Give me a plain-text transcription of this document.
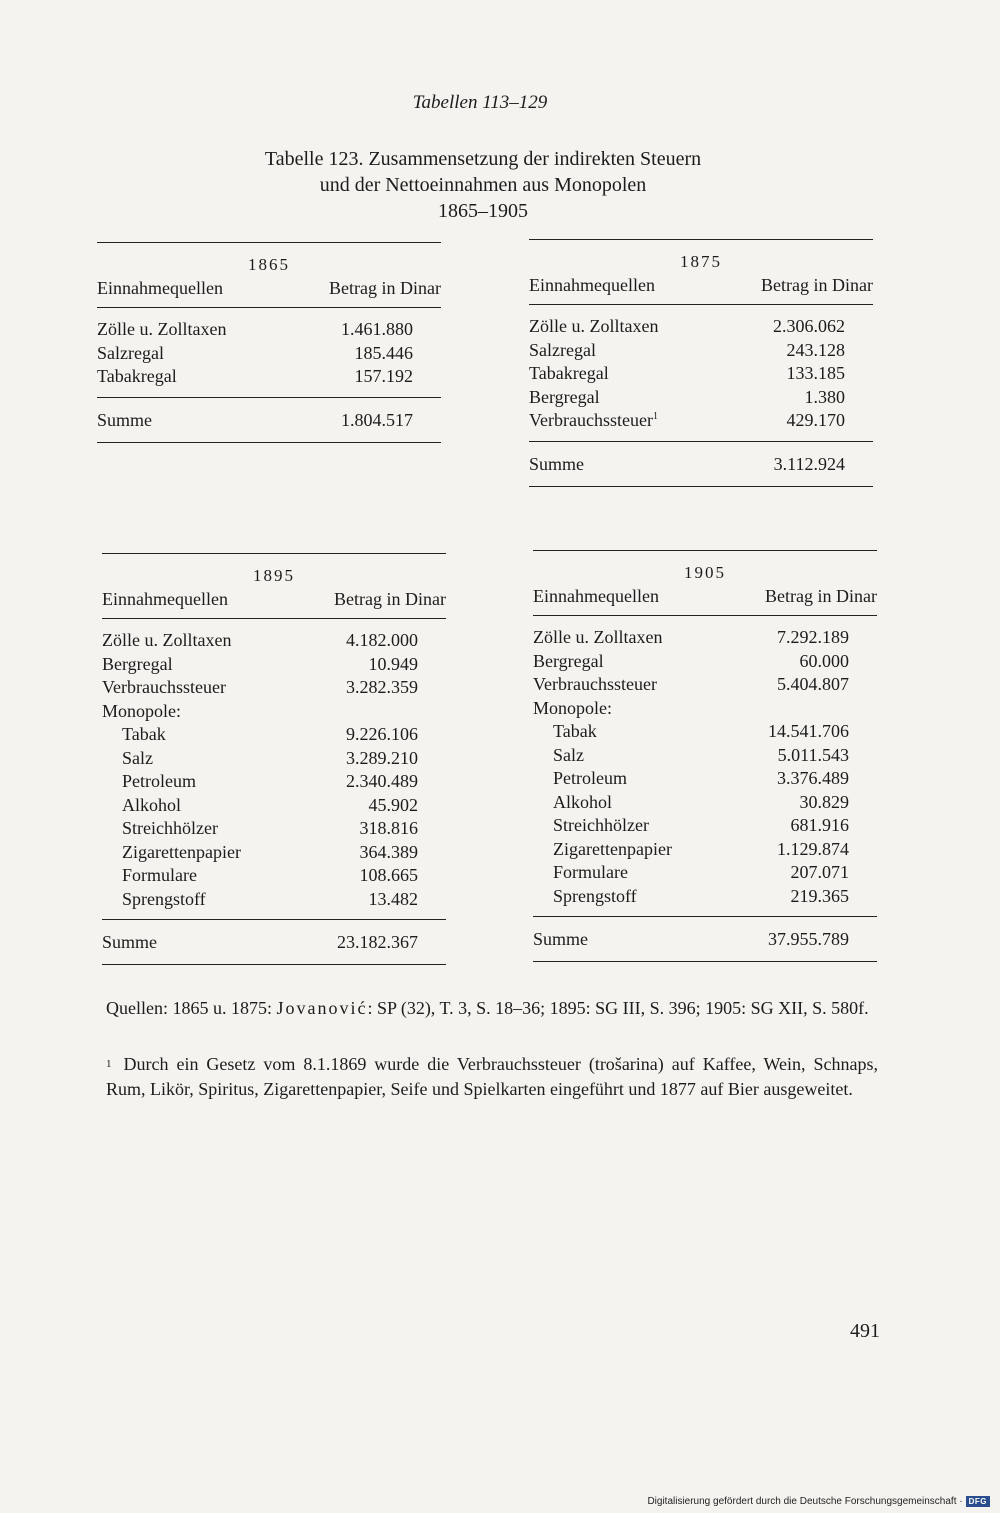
Tabellen 113–129
Tabelle 123. Zusammensetzung der indirekten Steuern
und der Nettoeinnahmen aus Monopolen
1865–1905
1865
Einnahmequellen	Betrag in Dinar
Zölle u. Zolltaxen	1.461.880
Salzregal	185.446
Tabakregal	157.192
Summe	1.804.517
1875
Einnahmequellen	Betrag in Dinar
Zölle u. Zolltaxen	2.306.062
Salzregal	243.128
Tabakregal	133.185
Bergregal	1.380
Verbrauchssteuer$^1$	429.170
Summe	3.112.924
1895
Einnahmequellen	Betrag in Dinar
Zölle u. Zolltaxen	4.182.000
Bergregal	10.949
Verbrauchssteuer	3.282.359
Monopole:
Tabak	9.226.106
Salz	3.289.210
Petroleum	2.340.489
Alkohol	45.902
Streichhölzer	318.816
Zigarettenpapier	364.389
Formulare	108.665
Sprengstoff	13.482
Summe	23.182.367
1905
Einnahmequellen	Betrag in Dinar
Zölle u. Zolltaxen	7.292.189
Bergregal	60.000
Verbrauchssteuer	5.404.807
Monopole:
Tabak	14.541.706
Salz	5.011.543
Petroleum	3.376.489
Alkohol	30.829
Streichhölzer	681.916
Zigarettenpapier	1.129.874
Formulare	207.071
Sprengstoff	219.365
Summe	37.955.789
Quellen: 1865 u. 1875: Jovanović: SP (32), T. 3, S. 18–36; 1895: SG III, S. 396; 1905: SG XII, S. 580f.
$^1$ Durch ein Gesetz vom 8.1.1869 wurde die Verbrauchssteuer (trošarina) auf Kaffee, Wein, Schnaps, Rum, Likör, Spiritus, Zigarettenpapier, Seife und Spielkarten eingeführt und 1877 auf Bier ausgeweitet.
491
Digitalisierung gefördert durch die Deutsche Forschungsgemeinschaft · DFG
